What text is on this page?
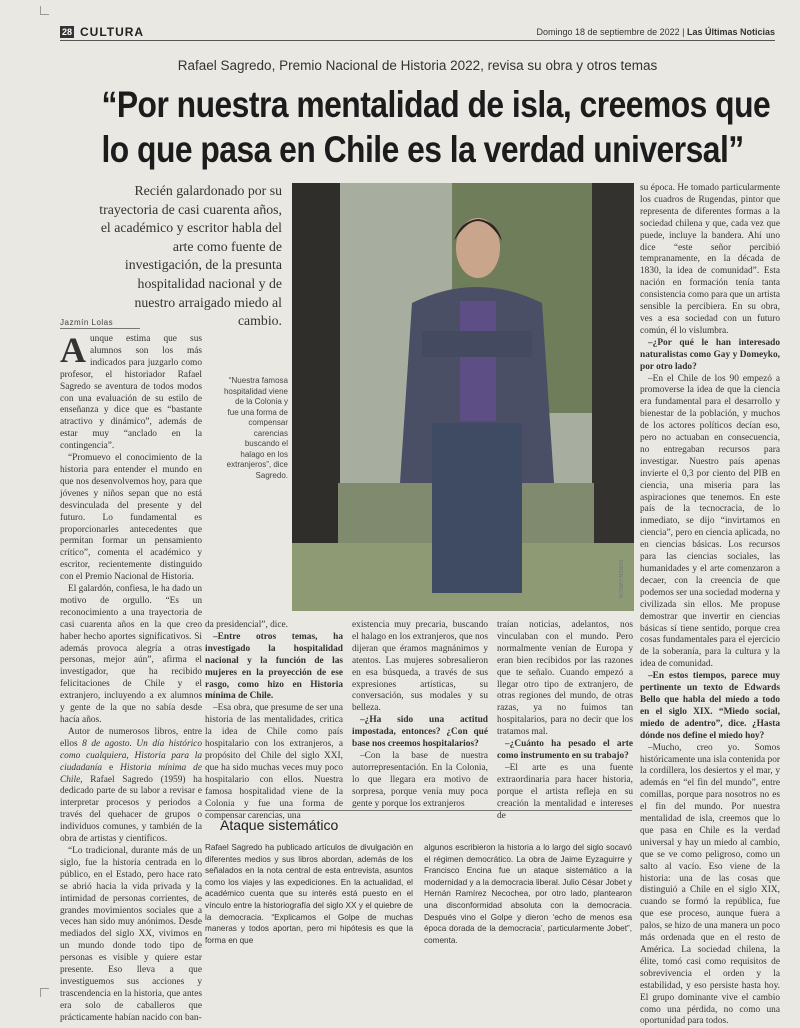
28 CULTURA	Domingo 18 de septiembre de 2022 | Las Últimas Noticias
Rafael Sagredo, Premio Nacional de Historia 2022, revisa su obra y otros temas
“Por nuestra mentalidad de isla, creemos que
lo que pasa en Chile es la verdad universal”
Recién galardonado por su trayectoria de casi cuarenta años, el académico y escritor habla del arte como fuente de investigación, de la presunta hospitalidad nacional y de nuestro arraigado miedo al cambio.
Jazmín Lolas

Aunque estima que sus alumnos son los más indicados para juzgarlo como profesor, el historiador Rafael Sagredo se aventura de todos modos con una evaluación de su estilo de enseñanza y dice que es “bastante atractivo y dinámico”, además de estar muy “anclado en la contingencia”.

“Promuevo el conocimiento de la historia para entender el mundo en que nos desenvolvemos hoy, para que jóvenes y niños sepan que no está desvinculada del presente y del futuro. Lo fundamental es proporcionarles antecedentes que permitan formar un pensamiento crítico”, comenta el académico y escritor, recientemente distinguido con el Premio Nacional de Historia.

El galardón, confiesa, le ha dado un motivo de orgullo. “Es un reconocimiento a una trayectoria de casi cuarenta años en la que creo haber hecho aportes significativos. Si además provoca alegría a otras personas, mejor aún”, afirma el investigador, que ha recibido felicitaciones de Chile y el extranjero, incluyendo a ex alumnos y gente de la que no sabía desde hacía años.

Autor de numerosos libros, entre ellos 8 de agosto. Un día histórico como cualquiera, Historia para la ciudadanía e Historia mínima de Chile, Rafael Sagredo (1959) ha dedicado parte de su labor a revisar e interpretar procesos y periodos a través del quehacer de grupos o individuos comunes, y también de la obra de artistas y científicos.

“Lo tradicional, durante más de un siglo, fue la historia centrada en lo público, en el Estado, pero hace rato se abrió hacia la vida privada y la intimidad de personas corrientes, de grandes movimientos sociales que a veces han sido muy anónimos. Desde mediados del siglo XX, vivimos en un mundo donde todo tipo de personas es visible y quiere estar presente. Eso lleva a que investiguemos sus acciones y trascendencia en la historia, que antes era solo de caballeros que prácticamente habían nacido con ban-

“Nuestra famosa hospitalidad viene de la Colonia y fue una forma de compensar carencias buscando el halago en los extranjeros”, dice Sagredo.
RUBÉN GARCÍA

da presidencial”, dice.

–Entre otros temas, ha investigado la hospitalidad nacional y la función de las mujeres en la proyección de ese rasgo, como hizo en Historia mínima de Chile.

–Esa obra, que presume de ser una historia de las mentalidades, critica la idea de Chile como país hospitalario con los extranjeros, a propósito del Chile del siglo XXI, que ha sido muchas veces muy poco hospitalario con ellos. Nuestra famosa hospitalidad viene de la Colonia y fue una forma de compensar carencias, una

existencia muy precaria, buscando el halago en los extranjeros, que nos dijeran que éramos magnánimos y atentos. Las mujeres sobresalieron en esa búsqueda, a través de sus expresiones artísticas, su conversación, sus modales y su belleza.

–¿Ha sido una actitud impostada, entonces? ¿Con qué base nos creemos hospitalarios?

–Con la base de nuestra autorrepresentación. En la Colonia, lo que llegara era motivo de sorpresa, porque venía muy poca gente y porque los extranjeros

traían noticias, adelantos, nos vinculaban con el mundo. Pero normalmente venían de Europa y eran bien recibidos por las razones que te señalo. Cuando empezó a llegar otro tipo de extranjero, de otras regiones del mundo, de otras razas, ya no fuimos tan hospitalarios, para no decir que los tratamos mal.

–¿Cuánto ha pesado el arte como instrumento en su trabajo?

–El arte es una fuente extraordinaria para hacer historia, porque el artista refleja en su creación la mentalidad e intereses de

su época. He tomado particularmente los cuadros de Rugendas, pintor que representa de diferentes formas a la sociedad chilena y que, cada vez que puede, incluye la bandera. Ahí uno dice “este señor percibió tempranamente, en la década de 1830, la idea de comunidad”. Esta nación en formación tenía tanta consistencia como para que un artista sensible la percibiera. En su obra, ves a esa sociedad con un futuro común, él lo vislumbra.

–¿Por qué le han interesado naturalistas como Gay y Domeyko, por otro lado?

–En el Chile de los 90 empezó a promoverse la idea de que la ciencia era fundamental para el desarrollo y bienestar de la población, y muchos de los actores políticos decían eso, pero no actuaban en consecuencia, no entregaban recursos para investigar. Nuestro país apenas invierte el 0,3 por ciento del PIB en ciencia, una miseria para las aspiraciones que tenemos. En este país de la tecnocracia, de lo inmediato, se dijo “invirtamos en ciencia”, pero en ciencia aplicada, no en ciencias básicas. Los recursos para las ciencias sociales, las humanidades y el arte comenzaron a decaer, con la creencia de que podemos ser una sociedad moderna y civilizada sin ellos. Me propuse demostrar que invertir en ciencias básicas sí tiene sentido, porque crea cosas fundamentales para el ejercicio de la soberanía, para la cultura y la idea de comunidad.

–En estos tiempos, parece muy pertinente un texto de Edwards Bello que habla del miedo a todo en el siglo XIX. “Miedo social, miedo de adentro”, dice. ¿Hasta dónde nos define el miedo hoy?

–Mucho, creo yo. Somos históricamente una isla contenida por la cordillera, los desiertos y el mar, y además en “el fin del mundo”, entre comillas, porque para nosotros no es el fin del mundo. Por nuestra mentalidad de isla, creemos que lo que pasa en Chile es la verdad universal y hay un miedo al cambio, que se ve como peligroso, como un salto al vacío. Eso viene de la historia: una de las cosas que distinguió a Chile en el siglo XIX, cuando se formó la república, fue que ese proceso, aunque fuera a palos, se hizo de una manera un poco más ordenada que en el resto de América. La sociedad chilena, la élite, tomó casi como requisitos de sobrevivencia el orden y la estabilidad, y eso persiste hasta hoy. El grupo dominante vive el cambio como una pérdida, no como una oportunidad para todos.

Ataque sistemático
Rafael Sagredo ha publicado artículos de divulgación en diferentes medios y sus libros abordan, además de los señalados en la nota central de esta entrevista, asuntos como los viajes y las expediciones. En la actualidad, el académico cuenta que su interés está puesto en el vínculo entre la historiografía del siglo XX y el quiebre de la democracia. “Explicamos el Golpe de muchas maneras y todos aportan, pero mi hipótesis es que la forma en que
algunos escribieron la historia a lo largo del siglo socavó el régimen democrático. La obra de Jaime Eyzaguirre y Francisco Encina fue un ataque sistemático a la modernidad y a la democracia liberal. Julio César Jobet y Hernán Ramírez Necochea, por otro lado, plantearon una disconformidad absoluta con la democracia. Después vino el Golpe y dieron ‘echo de menos esa época dorada de la democracia’, particularmente Jobet”, comenta.
